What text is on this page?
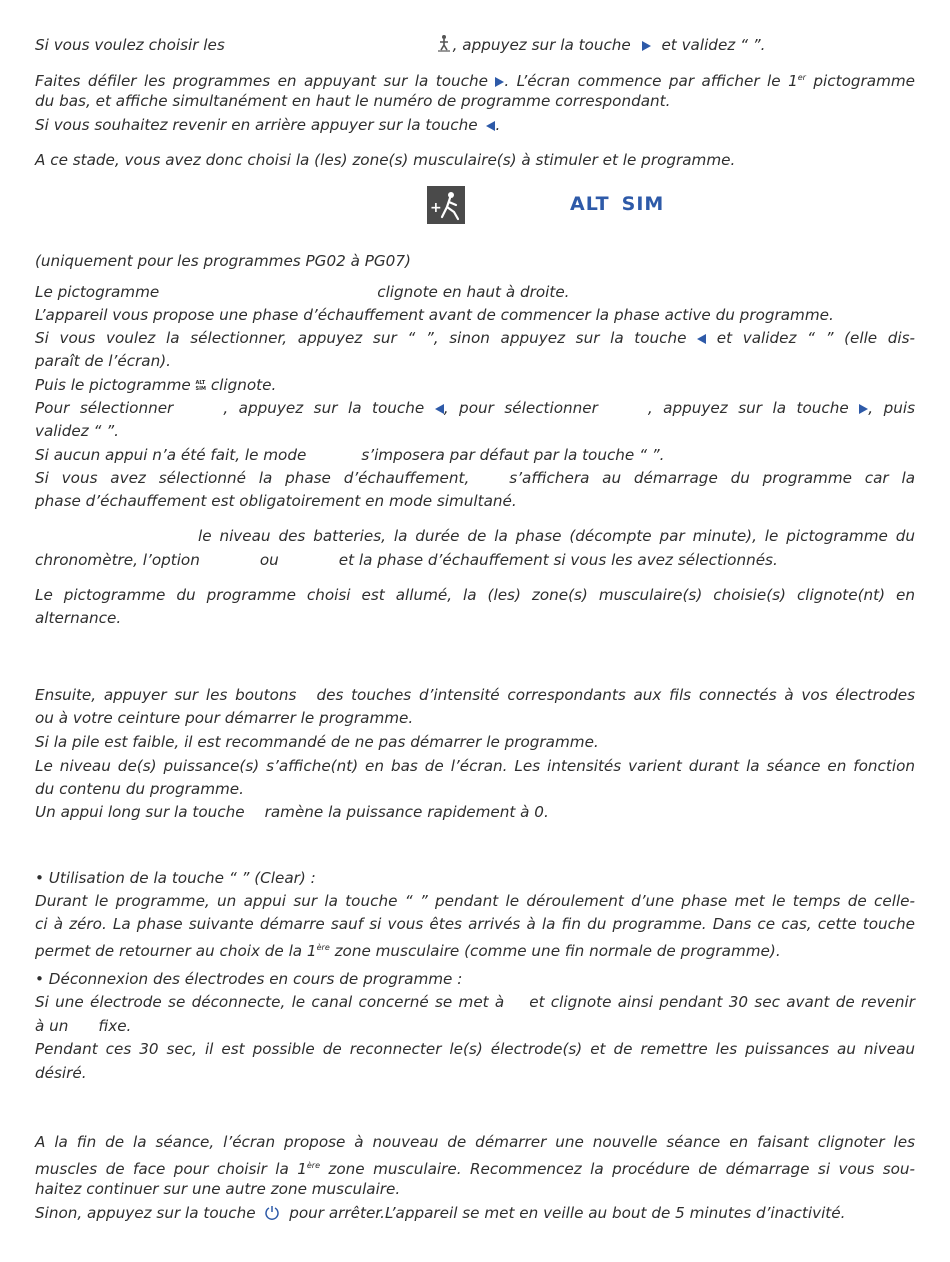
Si vous voulez choisir les	, appuyez sur la touche et validez “ ”.
Faites défiler les programmes en appuyant sur la touche . L’écran commence par afficher le 1er pictogramme
du bas, et affiche simultanément en haut le numéro de programme correspondant.
Si vous souhaitez revenir en arrière appuyer sur la touche .
A ce stade, vous avez donc choisi la (les) zone(s) musculaire(s) à stimuler et le programme.
+	ALT SIM
(uniquement pour les programmes PG02 à PG07)
Le pictogramme	clignote en haut à droite.
L’appareil vous propose une phase d’échauffement avant de commencer la phase active du programme.
Si vous voulez la sélectionner, appuyez sur “ ”, sinon appuyez sur la touche et validez “ ” (elle dis-
paraît de l’écran).
Puis le pictogramme ALT
SIM clignote.
Pour sélectionner	, appuyez sur la touche , pour sélectionner	, appuyez sur la touche , puis
validez “ ”.
Si aucun appui n’a été fait, le mode	s’imposera par défaut par la touche “ ”.
Si vous avez sélectionné la phase d’échauffement,	s’affichera au démarrage du programme car la
phase d’échauffement est obligatoirement en mode simultané.
le niveau des batteries, la durée de la phase (décompte par minute), le pictogramme du
chronomètre, l’option	ou	et la phase d’échauffement si vous les avez sélectionnés.
Le pictogramme du programme choisi est allumé, la (les) zone(s) musculaire(s) choisie(s) clignote(nt) en
alternance.
Ensuite, appuyer sur les boutons des touches d’intensité correspondants aux fils connectés à vos électrodes
ou à votre ceinture pour démarrer le programme.
Si la pile est faible, il est recommandé de ne pas démarrer le programme.
Le niveau de(s) puissance(s) s’affiche(nt) en bas de l’écran. Les intensités varient durant la séance en fonction
du contenu du programme.
Un appui long sur la touche ramène la puissance rapidement à 0.
• Utilisation de la touche “ ” (Clear) :
Durant le programme, un appui sur la touche “ ” pendant le déroulement d’une phase met le temps de celle-
ci à zéro. La phase suivante démarre sauf si vous êtes arrivés à la fin du programme. Dans ce cas, cette touche
permet de retourner au choix de la 1ère zone musculaire (comme une fin normale de programme).
• Déconnexion des électrodes en cours de programme :
Si une électrode se déconnecte, le canal concerné se met à et clignote ainsi pendant 30 sec avant de revenir
à un fixe.
Pendant ces 30 sec, il est possible de reconnecter le(s) électrode(s) et de remettre les puissances au niveau
désiré.
A la fin de la séance, l’écran propose à nouveau de démarrer une nouvelle séance en faisant clignoter les
muscles de face pour choisir la 1ère zone musculaire. Recommencez la procédure de démarrage si vous sou-
haitez continuer sur une autre zone musculaire.
Sinon, appuyez sur la touche pour arrêter.L’appareil se met en veille au bout de 5 minutes d’inactivité.
